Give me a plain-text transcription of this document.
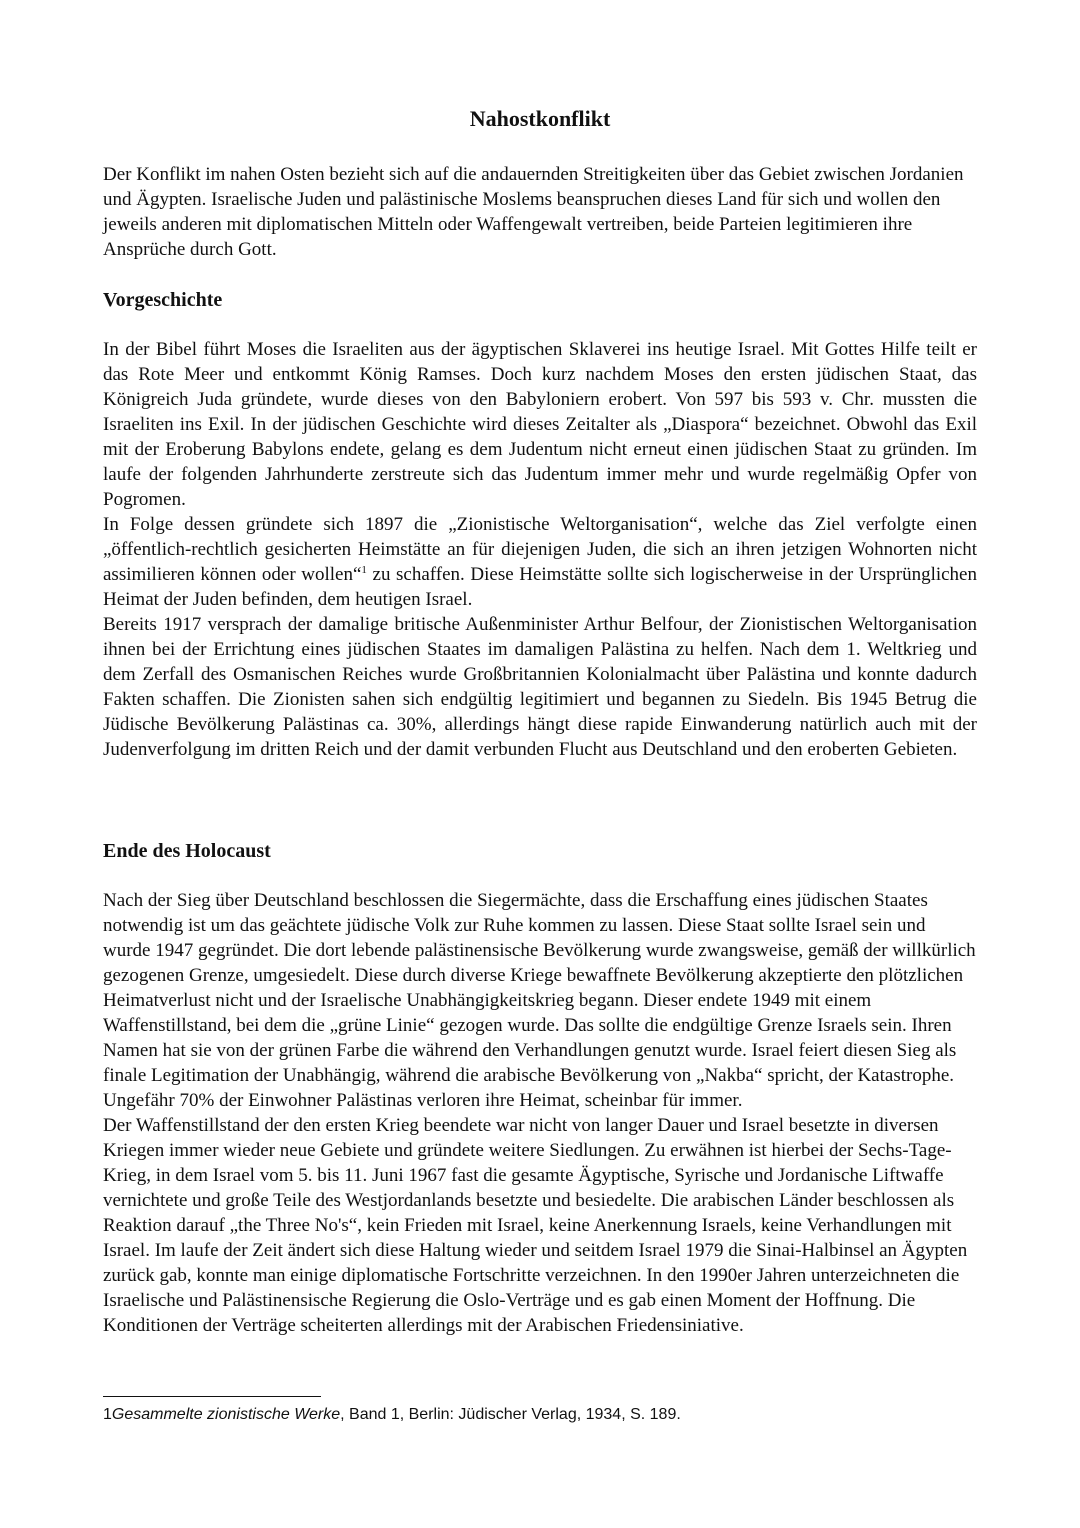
Nahostkonflikt

Der Konflikt im nahen Osten bezieht sich auf die andauernden Streitigkeiten über das Gebiet zwischen Jordanien und Ägypten. Israelische Juden und palästinische Moslems beanspruchen dieses Land für sich und wollen den jeweils anderen mit diplomatischen Mitteln oder Waffengewalt vertreiben, beide Parteien legitimieren ihre Ansprüche durch Gott.

Vorgeschichte

In der Bibel führt Moses die Israeliten aus der ägyptischen Sklaverei ins heutige Israel. Mit Gottes Hilfe teilt er das Rote Meer und entkommt König Ramses. Doch kurz nachdem Moses den ersten jüdischen Staat, das Königreich Juda gründete, wurde dieses von den Babyloniern erobert. Von 597 bis 593 v. Chr. mussten die Israeliten ins Exil. In der jüdischen Geschichte wird dieses Zeitalter als „Diaspora“ bezeichnet. Obwohl das Exil mit der Eroberung Babylons endete, gelang es dem Judentum nicht erneut einen jüdischen Staat zu gründen. Im laufe der folgenden Jahrhunderte zerstreute sich das Judentum immer mehr und wurde regelmäßig Opfer von Pogromen.

In Folge dessen gründete sich 1897 die „Zionistische Weltorganisation“, welche das Ziel verfolgte einen „öffentlich-rechtlich gesicherten Heimstätte an für diejenigen Juden, die sich an ihren jetzigen Wohnorten nicht assimilieren können oder wollen“$^1$ zu schaffen. Diese Heimstätte sollte sich logischerweise in der Ursprünglichen Heimat der Juden befinden, dem heutigen Israel.

Bereits 1917 versprach der damalige britische Außenminister Arthur Belfour, der Zionistischen Weltorganisation ihnen bei der Errichtung eines jüdischen Staates im damaligen Palästina zu helfen. Nach dem 1. Weltkrieg und dem Zerfall des Osmanischen Reiches wurde Großbritannien Kolonialmacht über Palästina und konnte dadurch Fakten schaffen. Die Zionisten sahen sich endgültig legitimiert und begannen zu Siedeln. Bis 1945 Betrug die Jüdische Bevölkerung Palästinas ca. 30%, allerdings hängt diese rapide Einwanderung natürlich auch mit der Judenverfolgung im dritten Reich und der damit verbunden Flucht aus Deutschland und den eroberten Gebieten.

Ende des Holocaust

Nach der Sieg über Deutschland beschlossen die Siegermächte, dass die Erschaffung eines jüdischen Staates notwendig ist um das geächtete jüdische Volk zur Ruhe kommen zu lassen. Diese Staat sollte Israel sein und wurde 1947 gegründet. Die dort lebende palästinensische Bevölkerung wurde zwangsweise, gemäß der willkürlich gezogenen Grenze, umgesiedelt. Diese durch diverse Kriege bewaffnete Bevölkerung akzeptierte den plötzlichen Heimatverlust nicht und der Israelische Unabhängigkeitskrieg begann. Dieser endete 1949 mit einem Waffenstillstand, bei dem die „grüne Linie“ gezogen wurde. Das sollte die endgültige Grenze Israels sein. Ihren Namen hat sie von der grünen Farbe die während den Verhandlungen genutzt wurde. Israel feiert diesen Sieg als finale Legitimation der Unabhängig, während die arabische Bevölkerung von „Nakba“ spricht, der Katastrophe. Ungefähr 70% der Einwohner Palästinas verloren ihre Heimat, scheinbar für immer.

Der Waffenstillstand der den ersten Krieg beendete war nicht von langer Dauer und Israel besetzte in diversen Kriegen immer wieder neue Gebiete und gründete weitere Siedlungen. Zu erwähnen ist hierbei der Sechs-Tage-Krieg, in dem Israel vom 5. bis 11. Juni 1967 fast die gesamte Ägyptische, Syrische und Jordanische Liftwaffe vernichtete und große Teile des Westjordanlands besetzte und besiedelte. Die arabischen Länder beschlossen als Reaktion darauf „the Three No's“, kein Frieden mit Israel, keine Anerkennung Israels, keine Verhandlungen mit Israel. Im laufe der Zeit ändert sich diese Haltung wieder und seitdem Israel 1979 die Sinai-Halbinsel an Ägypten zurück gab, konnte man einige diplomatische Fortschritte verzeichnen. In den 1990er Jahren unterzeichneten die Israelische und Palästinensische Regierung die Oslo-Verträge und es gab einen Moment der Hoffnung. Die Konditionen der Verträge scheiterten allerdings mit der Arabischen Friedensiniative.

1Gesammelte zionistische Werke, Band 1, Berlin: Jüdischer Verlag, 1934, S. 189.
